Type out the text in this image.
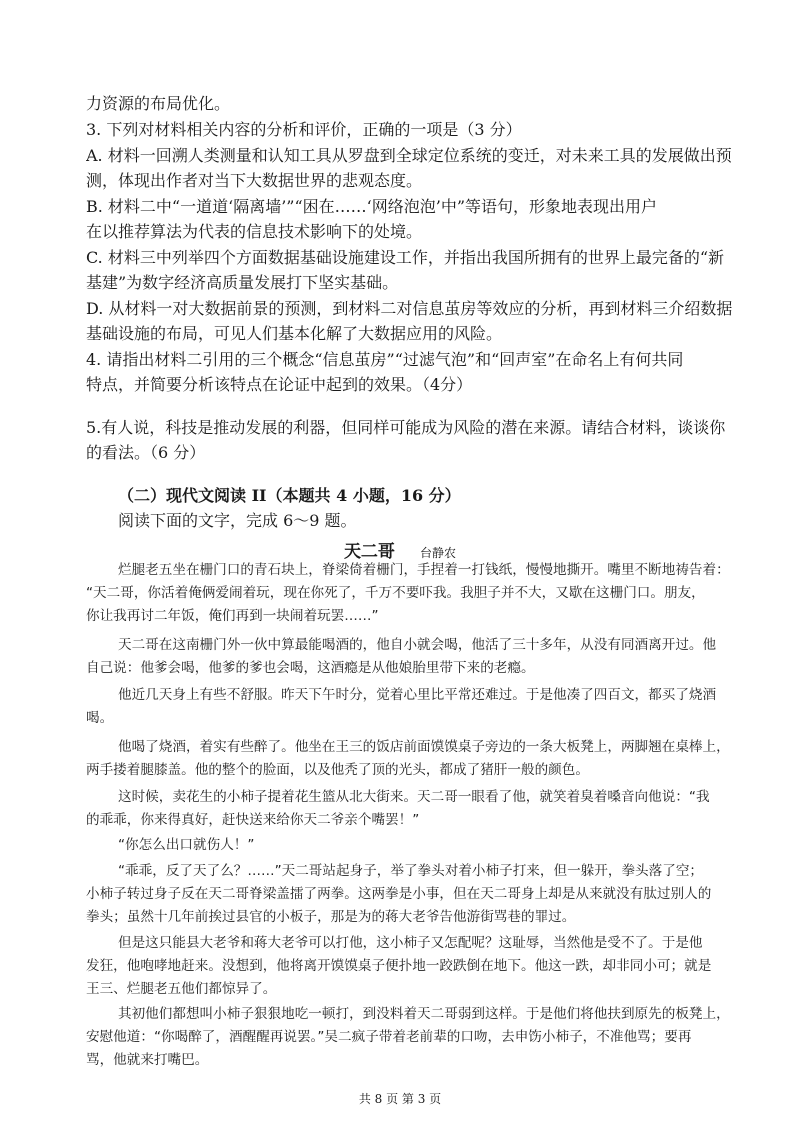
力资源的布局优化。
3. 下列对材料相关内容的分析和评价，正确的一项是（3 分）
A. 材料一回溯人类测量和认知工具从罗盘到全球定位系统的变迁，对未来工具的发展做出预
测，体现出作者对当下大数据世界的悲观态度。
B. 材料二中“一道道‘隔离墙’”“困在……‘网络泡泡’中”等语句，形象地表现出用户
在以推荐算法为代表的信息技术影响下的处境。
C. 材料三中列举四个方面数据基础设施建设工作，并指出我国所拥有的世界上最完备的“新
基建”为数字经济高质量发展打下坚实基础。
D. 从材料一对大数据前景的预测，到材料二对信息茧房等效应的分析，再到材料三介绍数据
基础设施的布局，可见人们基本化解了大数据应用的风险。
4. 请指出材料二引用的三个概念“信息茧房”“过滤气泡”和“回声室”在命名上有何共同
特点，并简要分析该特点在论证中起到的效果。（4分）
5.有人说，科技是推动发展的利器，但同样可能成为风险的潜在来源。请结合材料，谈谈你
的看法。（6 分）
（二）现代文阅读 II（本题共 4 小题，16 分）
阅读下面的文字，完成 6～9 题。
天二哥 台静农
烂腿老五坐在栅门口的青石块上，脊梁倚着栅门，手捏着一打钱纸，慢慢地撕开。嘴里不断地祷告着：
“天二哥，你活着俺俩爱闹着玩，现在你死了，千万不要吓我。我胆子并不大，又歇在这栅门口。朋友，
你让我再讨二年饭，俺们再到一块闹着玩罢……”
天二哥在这南栅门外一伙中算最能喝酒的，他自小就会喝，他活了三十多年，从没有同酒离开过。他
自己说：他爹会喝，他爹的爹也会喝，这酒瘾是从他娘胎里带下来的老瘾。
他近几天身上有些不舒服。昨天下午时分，觉着心里比平常还难过。于是他凑了四百文，都买了烧酒
喝。
他喝了烧酒，着实有些醉了。他坐在王三的饭店前面馍馍桌子旁边的一条大板凳上，两脚翘在桌棒上，
两手搂着腿膝盖。他的整个的脸面，以及他秃了顶的光头，都成了猪肝一般的颜色。
这时候，卖花生的小柿子提着花生篮从北大街来。天二哥一眼看了他，就笑着臭着嗓音向他说：“我
的乖乖，你来得真好，赶快送来给你天二爷亲个嘴罢！”
“你怎么出口就伤人！”
“乖乖，反了天了么？……”天二哥站起身子，举了拳头对着小柿子打来，但一躲开，拳头落了空；
小柿子转过身子反在天二哥脊梁盖擂了两拳。这两拳是小事，但在天二哥身上却是从来就没有肽过别人的
拳头；虽然十几年前挨过县官的小板子，那是为的蒋大老爷告他游街骂巷的罪过。
但是这只能县大老爷和蒋大老爷可以打他，这小柿子又怎配呢？这耻辱，当然他是受不了。于是他
发狂，他咆哮地赶来。没想到，他将离开馍馍桌子便扑地一跤跌倒在地下。他这一跌，却非同小可；就是
王三、烂腿老五他们都惊异了。
其初他们都想叫小柿子狠狠地吃一顿打，到没料着天二哥弱到这样。于是他们将他扶到原先的板凳上，
安慰他道：“你喝醉了，酒醒醒再说罢。”吴二疯子带着老前辈的口吻，去申饬小柿子，不准他骂；要再
骂，他就来打嘴巴。
共 8 页 第 3 页
